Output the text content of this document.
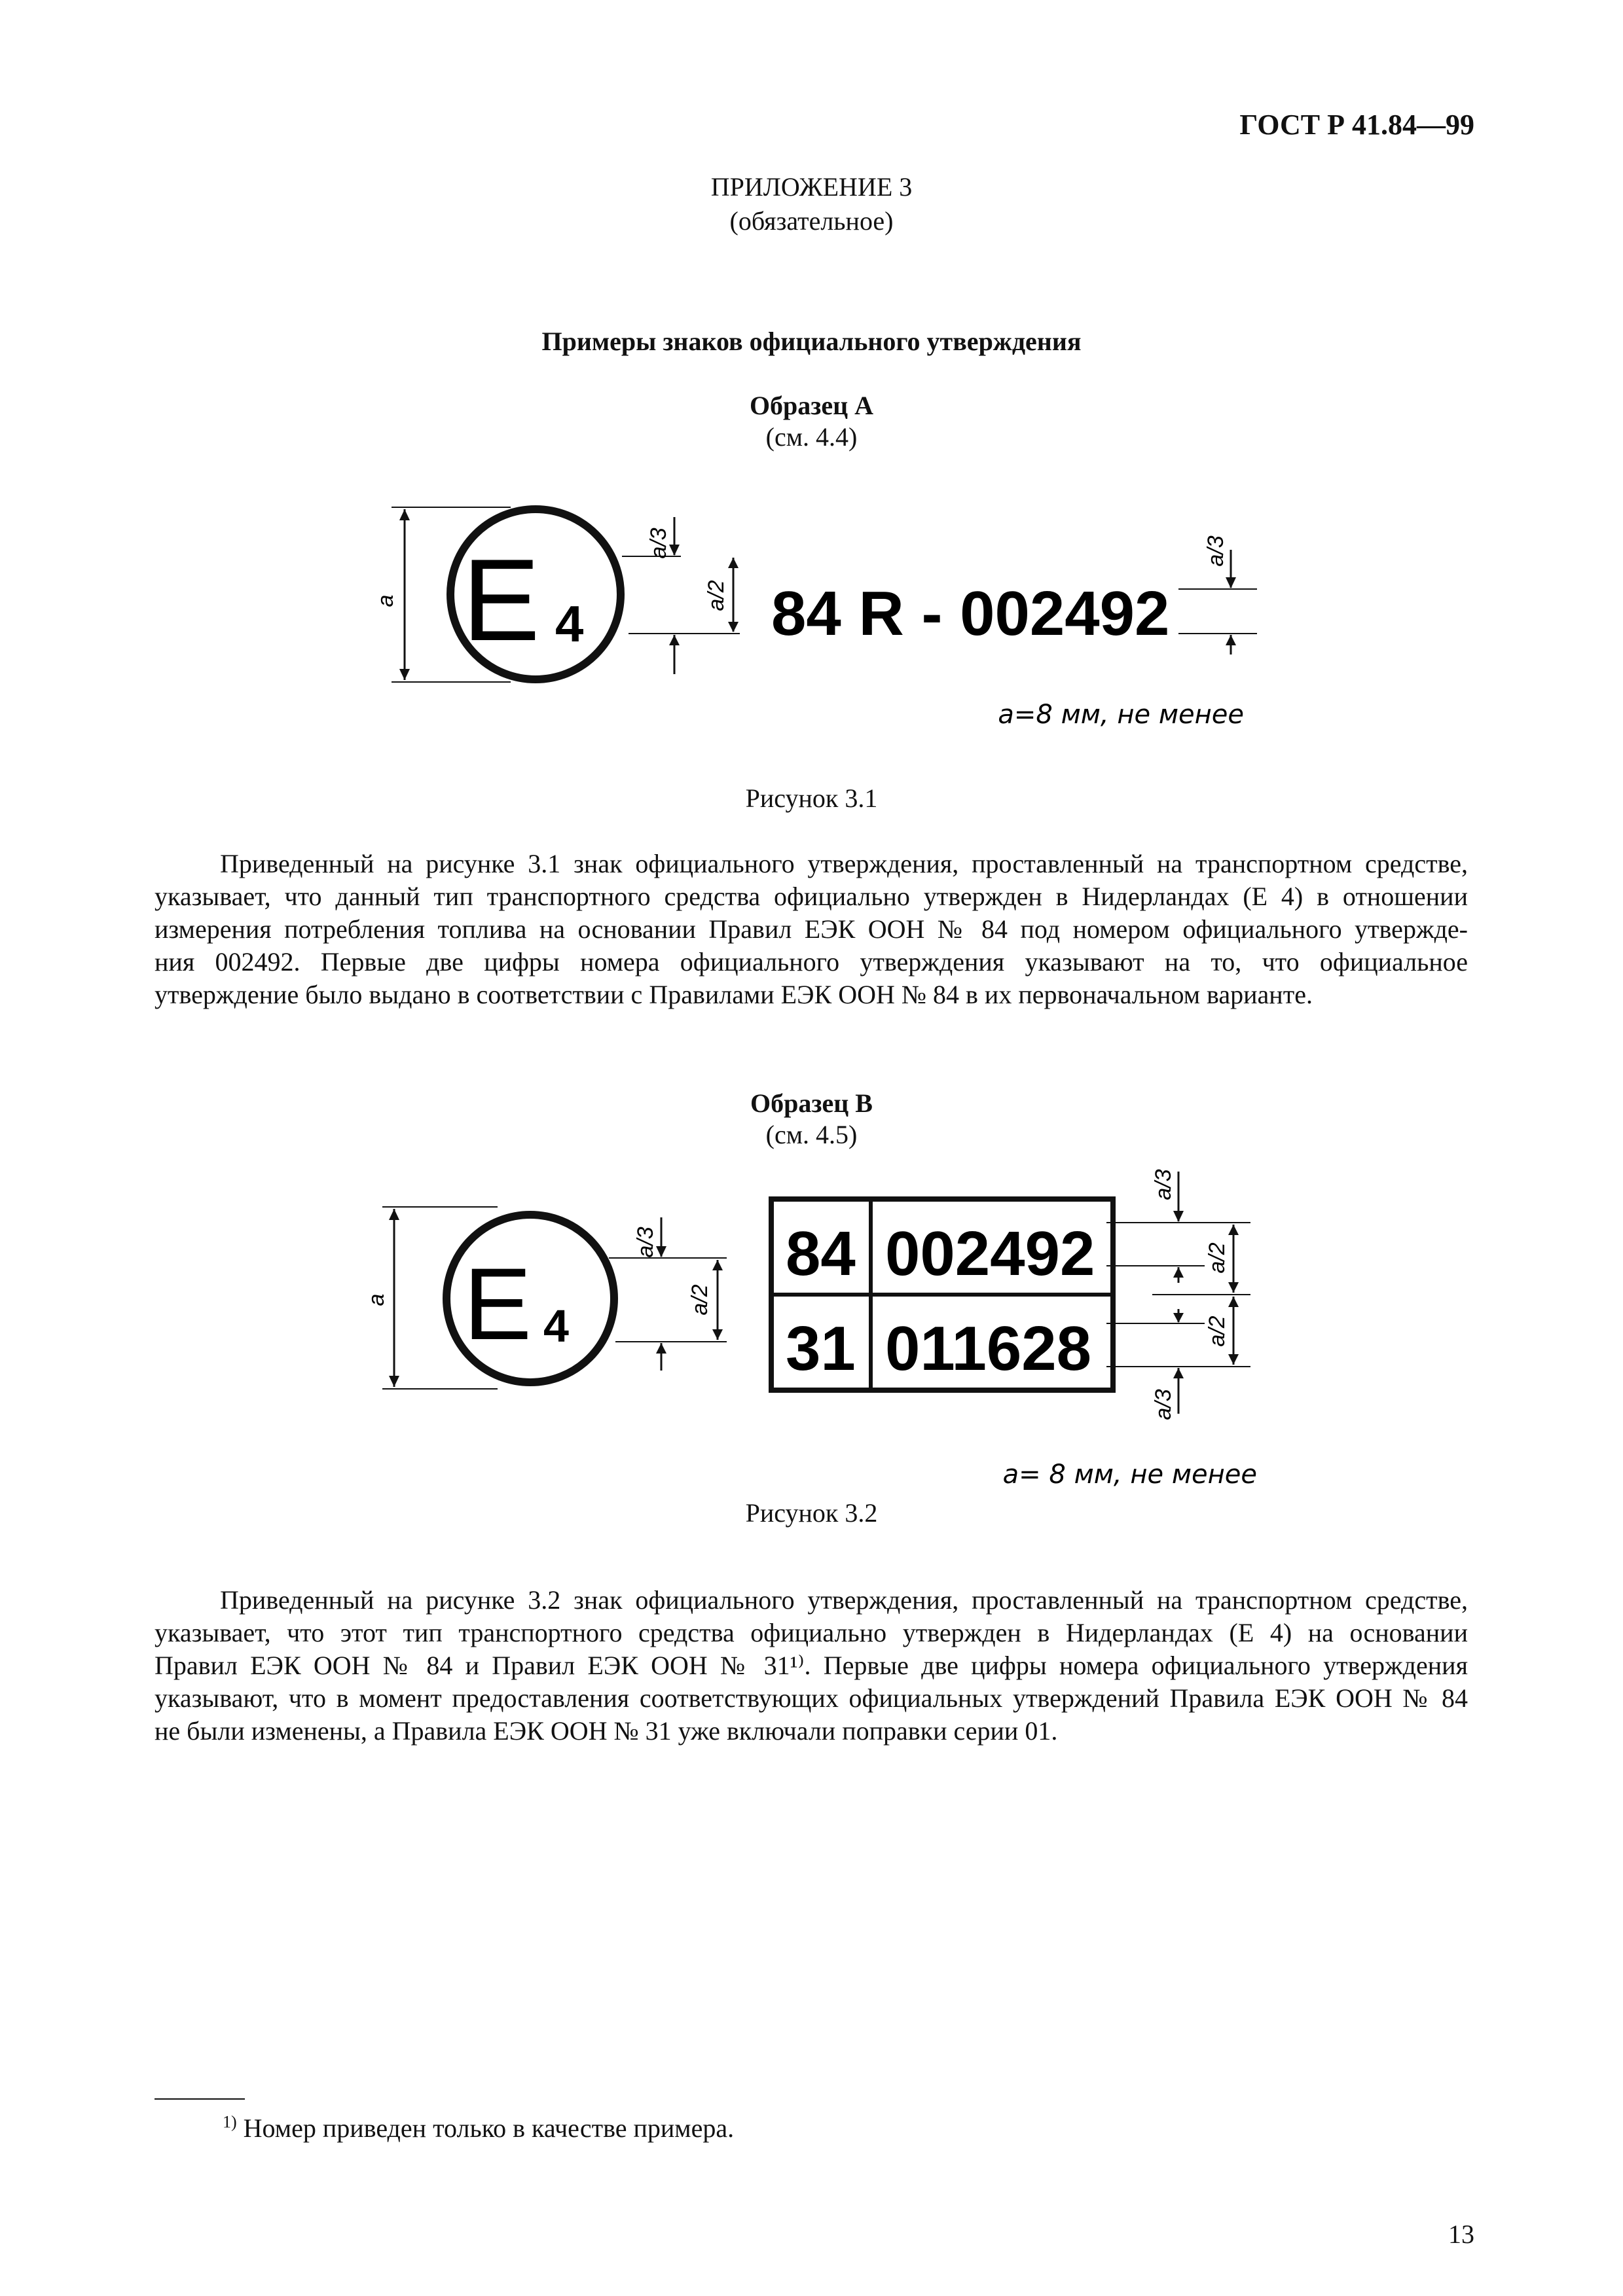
ГОСТ Р 41.84—99
ПРИЛОЖЕНИЕ 3
(обязательное)
Примеры знаков официального утверждения
Образец А
(см. 4.4)
a E 4
a/3
a/2 84 R - 002492
a/3
a=8 мм, не менее
Рисунок 3.1
Приведенный на рисунке 3.1 знак официального утверждения, проставленный на транспортном средстве,
указывает, что данный тип транспортного средства официально утвержден в Нидерландах (Е 4) в отношении
измерения потребления топлива на основании Правил ЕЭК ООН № 84 под номером официального утвержде-
ния 002492. Первые две цифры номера официального утверждения указывают на то, что официальное
утверждение было выдано в соответствии с Правилами ЕЭК ООН № 84 в их первоначальном варианте.
Образец В
(см. 4.5)
a E 4
a/3
a/2
84 002492
31 011628
a/3
a/2
a/2
a/3
a= 8 мм, не менее
Рисунок 3.2
Приведенный на рисунке 3.2 знак официального утверждения, проставленный на транспортном средстве,
указывает, что этот тип транспортного средства официально утвержден в Нидерландах (Е 4) на основании
Правил ЕЭК ООН № 84 и Правил ЕЭК ООН № 31¹⁾. Первые две цифры номера официального утверждения
указывают, что в момент предоставления соответствующих официальных утверждений Правила ЕЭК ООН № 84
не были изменены, а Правила ЕЭК ООН № 31 уже включали поправки серии 01.
$^{1)}$ Номер приведен только в качестве примера.
13
